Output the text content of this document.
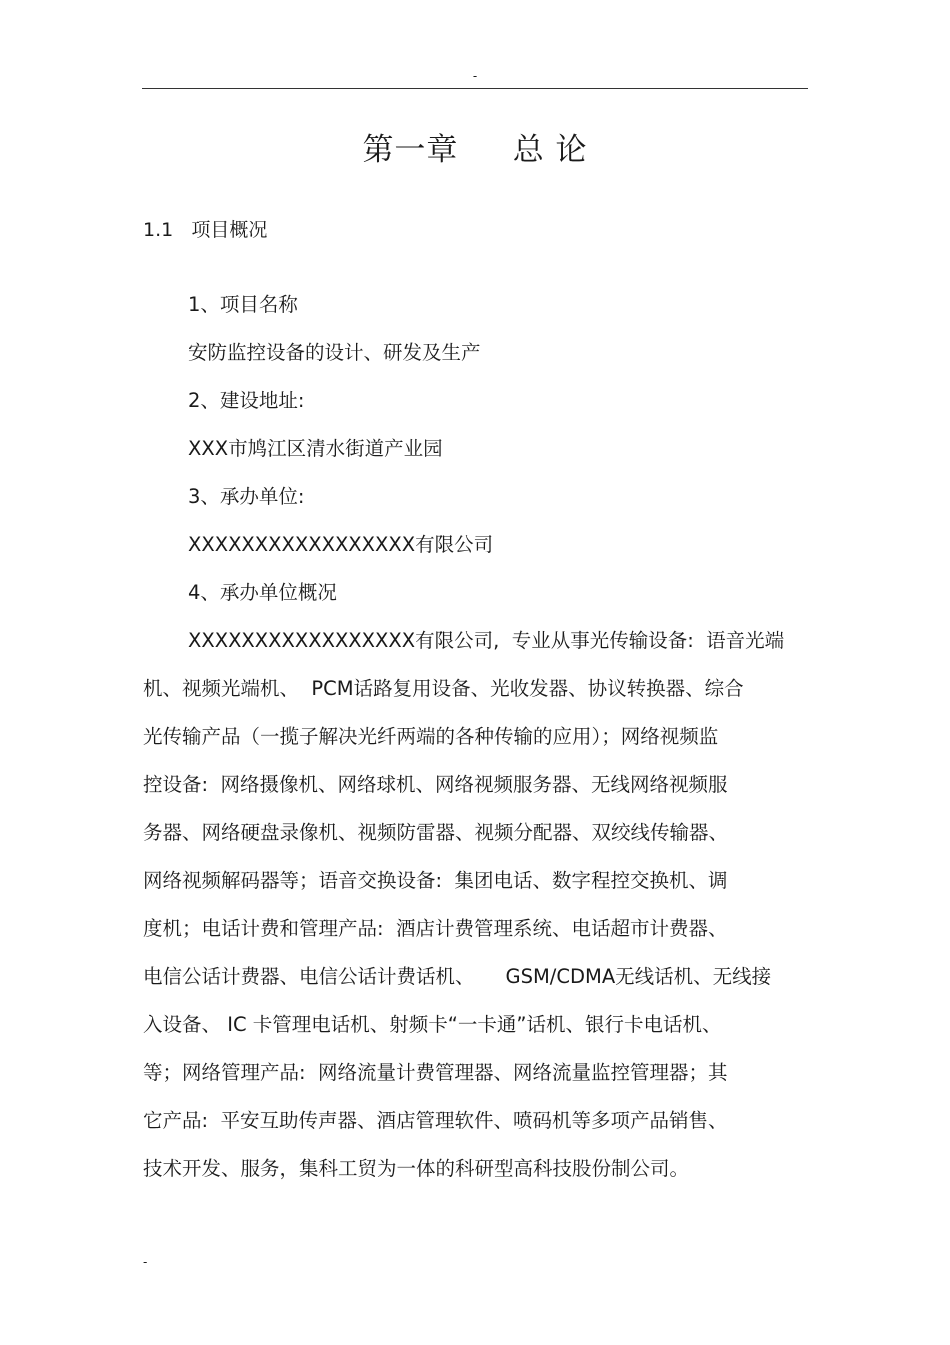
-
第一章     总 论
1.1   项目概况
1、项目名称
安防监控设备的设计、研发及生产
2、建设地址:
XXX市鸠江区清水街道产业园
3、承办单位:
XXXXXXXXXXXXXXXXX有限公司
4、承办单位概况
XXXXXXXXXXXXXXXXX有限公司,  专业从事光传输设备:  语音光端
机、视频光端机、  PCM话路复用设备、光收发器、协议转换器、综合
光传输产品（一揽子解决光纤两端的各种传输的应用）；网络视频监
控设备:  网络摄像机、网络球机、网络视频服务器、无线网络视频服
务器、网络硬盘录像机、视频防雷器、视频分配器、双绞线传输器、
网络视频解码器等；语音交换设备:  集团电话、数字程控交换机、调
度机；电话计费和管理产品:  酒店计费管理系统、电话超市计费器、
电信公话计费器、电信公话计费话机、     GSM/CDMA无线话机、无线接
入设备、 IC 卡管理电话机、射频卡“一卡通”话机、银行卡电话机、
等；网络管理产品:  网络流量计费管理器、网络流量监控管理器；其
它产品:  平安互助传声器、酒店管理软件、喷码机等多项产品销售、
技术开发、服务，集科工贸为一体的科研型高科技股份制公司。
-
